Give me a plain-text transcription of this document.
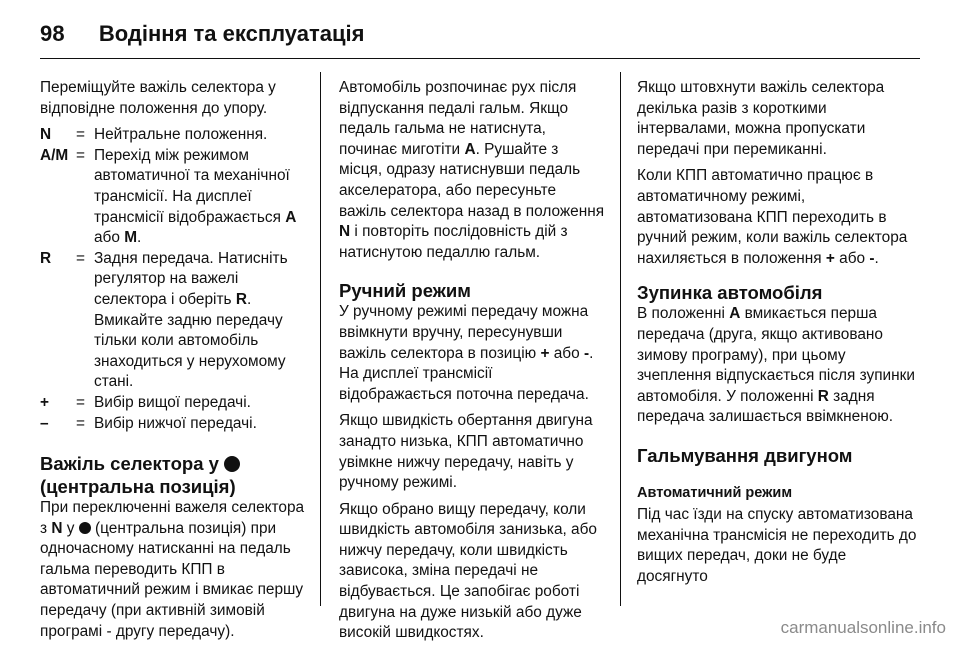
98 Водіння та експлуатація

Переміщуйте важіль селектора у відповідне положення до упору.

N	= Нейтральне положення.
A/M = Перехід між режимом автоматичної та механічної трансмісії. На дисплеї трансмісії відображається A або M.
R	= Задня передача. Натисніть регулятор на важелі селектора і оберіть R. Вмикайте задню передачу тільки коли автомобіль знаходиться у нерухомому стані.
+	= Вибір вищої передачі.
–	= Вибір нижчої передачі.
Важіль селектора у
(центральна позиція)

При переключенні важеля селектора з N у  (центральна позиція) при одночасному натисканні на педаль гальма переводить КПП в автоматичний режим і вмикає першу передачу (при активній зимовій програмі - другу передачу).

Автомобіль розпочинає рух після відпускання педалі гальм. Якщо педаль гальма не натиснута, починає миготіти A. Рушайте з місця, одразу натиснувши педаль акселератора, або пересуньте важіль селектора назад в положення N і повторіть послідовність дій з натиснутою педаллю гальм.

Ручний режим

У ручному режимі передачу можна ввімкнути вручну, пересунувши важіль селектора в позицію + або -. На дисплеї трансмісії відображається поточна передача.

Якщо швидкість обертання двигуна занадто низька, КПП автоматично увімкне нижчу передачу, навіть у ручному режимі.

Якщо обрано вищу передачу, коли швидкість автомобіля занизька, або нижчу передачу, коли швидкість зависока, зміна передачі не відбувається. Це запобігає роботі двигуна на дуже низькій або дуже високій швидкостях.

Якщо штовхнути важіль селектора декілька разів з короткими інтервалами, можна пропускати передачі при перемиканні.

Коли КПП автоматично працює в автоматичному режимі, автоматизована КПП переходить в ручний режим, коли важіль селектора нахиляється в положення + або -.

Зупинка автомобіля

В положенні A вмикається перша передача (друга, якщо активовано зимову програму), при цьому зчеплення відпускається після зупинки автомобіля. У положенні R задня передача залишається ввімкненою.

Гальмування двигуном
Автоматичний режим

Під час їзди на спуску автоматизована механічна трансмісія не переходить до вищих передач, доки не буде досягнуто

carmanualsonline.info
